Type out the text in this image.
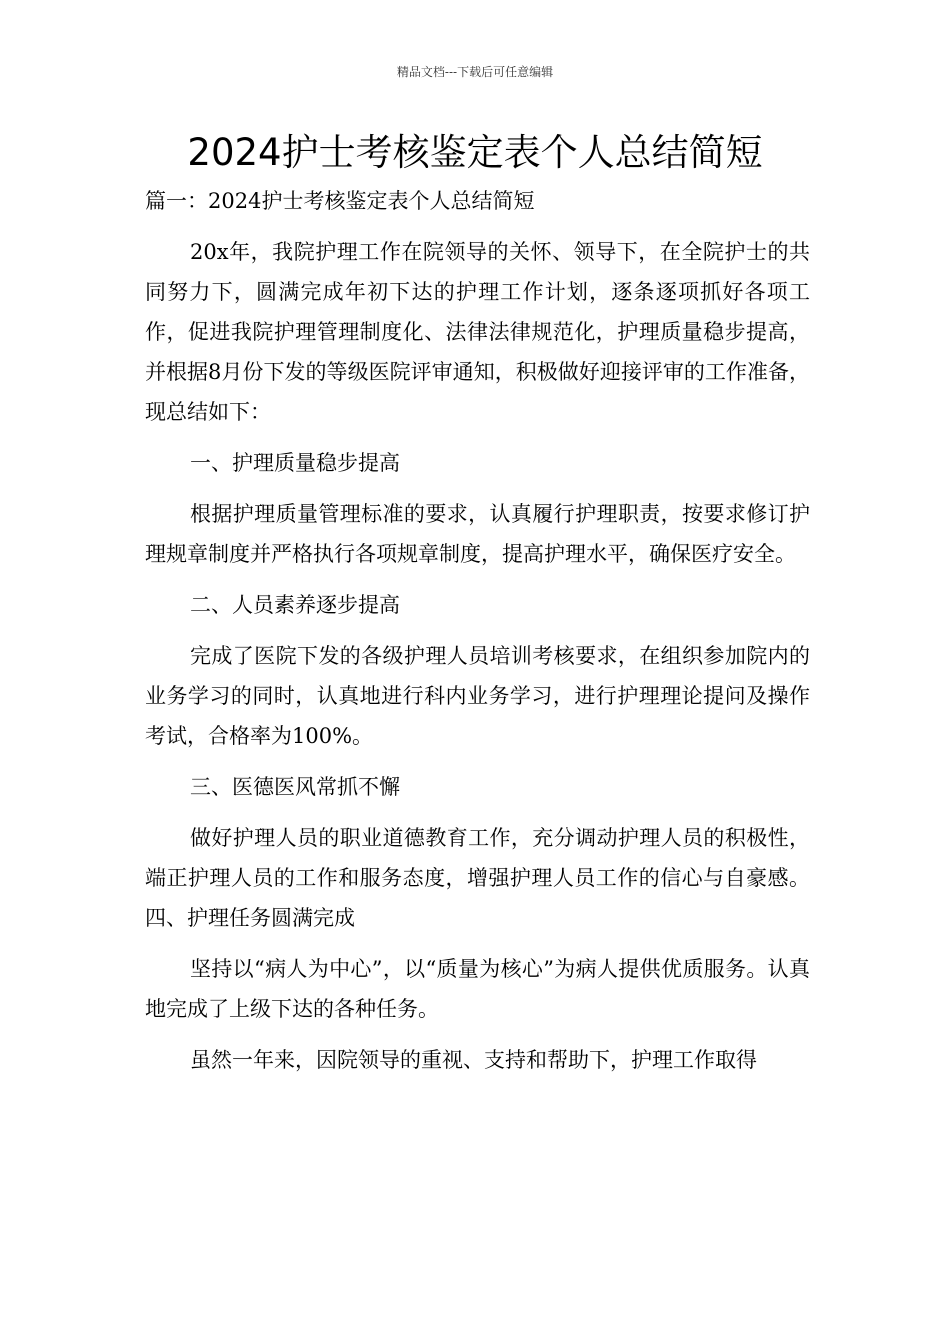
精品文档---下载后可任意编辑
2024护士考核鉴定表个人总结简短

篇一：2024护士考核鉴定表个人总结简短

20x年，我院护理工作在院领导的关怀、领导下，在全院护士的共同努力下，圆满完成年初下达的护理工作计划，逐条逐项抓好各项工作，促进我院护理管理制度化、法律法律规范化，护理质量稳步提高，并根据8月份下发的等级医院评审通知，积极做好迎接评审的工作准备，现总结如下：

一、护理质量稳步提高

根据护理质量管理标准的要求，认真履行护理职责，按要求修订护理规章制度并严格执行各项规章制度，提高护理水平，确保医疗安全。

二、人员素养逐步提高

完成了医院下发的各级护理人员培训考核要求，在组织参加院内的业务学习的同时，认真地进行科内业务学习，进行护理理论提问及操作考试，合格率为100%。

三、医德医风常抓不懈

做好护理人员的职业道德教育工作，充分调动护理人员的积极性，端正护理人员的工作和服务态度，增强护理人员工作的信心与自豪感。四、护理任务圆满完成

坚持以“病人为中心”，以“质量为核心”为病人提供优质服务。认真地完成了上级下达的各种任务。

虽然一年来，因院领导的重视、支持和帮助下，护理工作取得
